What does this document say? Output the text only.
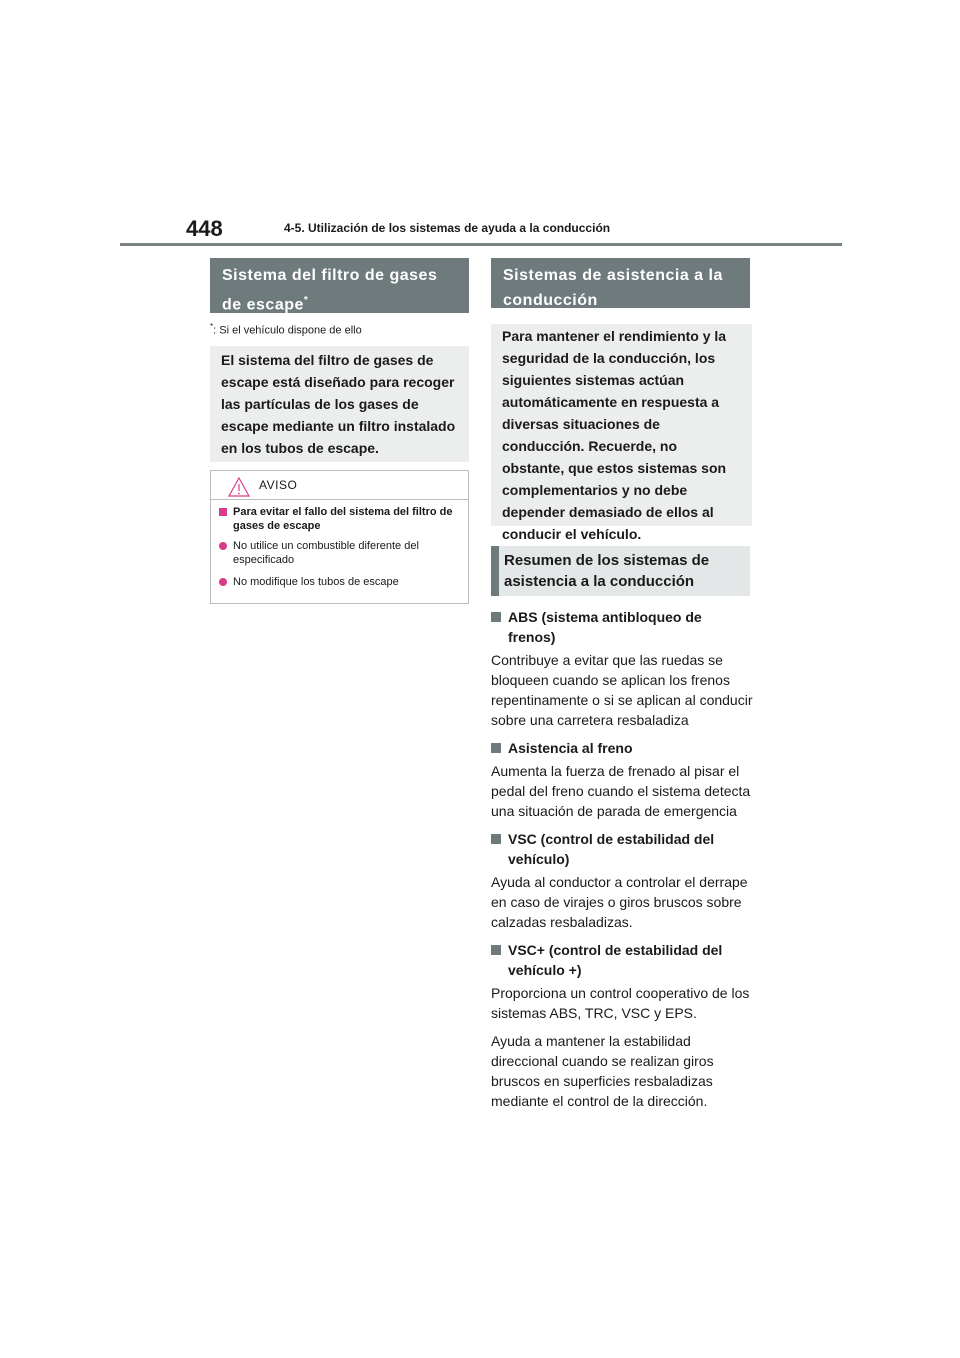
448	4-5. Utilización de los sistemas de ayuda a la conducción
Sistema del filtro de gases de escape*
*: Si el vehículo dispone de ello
El sistema del filtro de gases de escape está diseñado para recoger las partículas de los gases de escape mediante un filtro instalado en los tubos de escape.
AVISO
Para evitar el fallo del sistema del filtro de gases de escape
No utilice un combustible diferente del especificado
No modifique los tubos de escape
Sistemas de asistencia a la conducción
Para mantener el rendimiento y la seguridad de la conducción, los siguientes sistemas actúan automáticamente en respuesta a diversas situaciones de conducción. Recuerde, no obstante, que estos sistemas son complementarios y no debe depender demasiado de ellos al conducir el vehículo.
Resumen de los sistemas de asistencia a la conducción
ABS (sistema antibloqueo de frenos)
Contribuye a evitar que las ruedas se bloqueen cuando se aplican los frenos repentinamente o si se aplican al conducir sobre una carretera resbaladiza
Asistencia al freno
Aumenta la fuerza de frenado al pisar el pedal del freno cuando el sistema detecta una situación de parada de emergencia
VSC (control de estabilidad del vehículo)
Ayuda al conductor a controlar el derrape en caso de virajes o giros bruscos sobre calzadas resbaladizas.
VSC+ (control de estabilidad del vehículo +)
Proporciona un control cooperativo de los sistemas ABS, TRC, VSC y EPS.
Ayuda a mantener la estabilidad direccional cuando se realizan giros bruscos en superficies resbaladizas mediante el control de la dirección.
